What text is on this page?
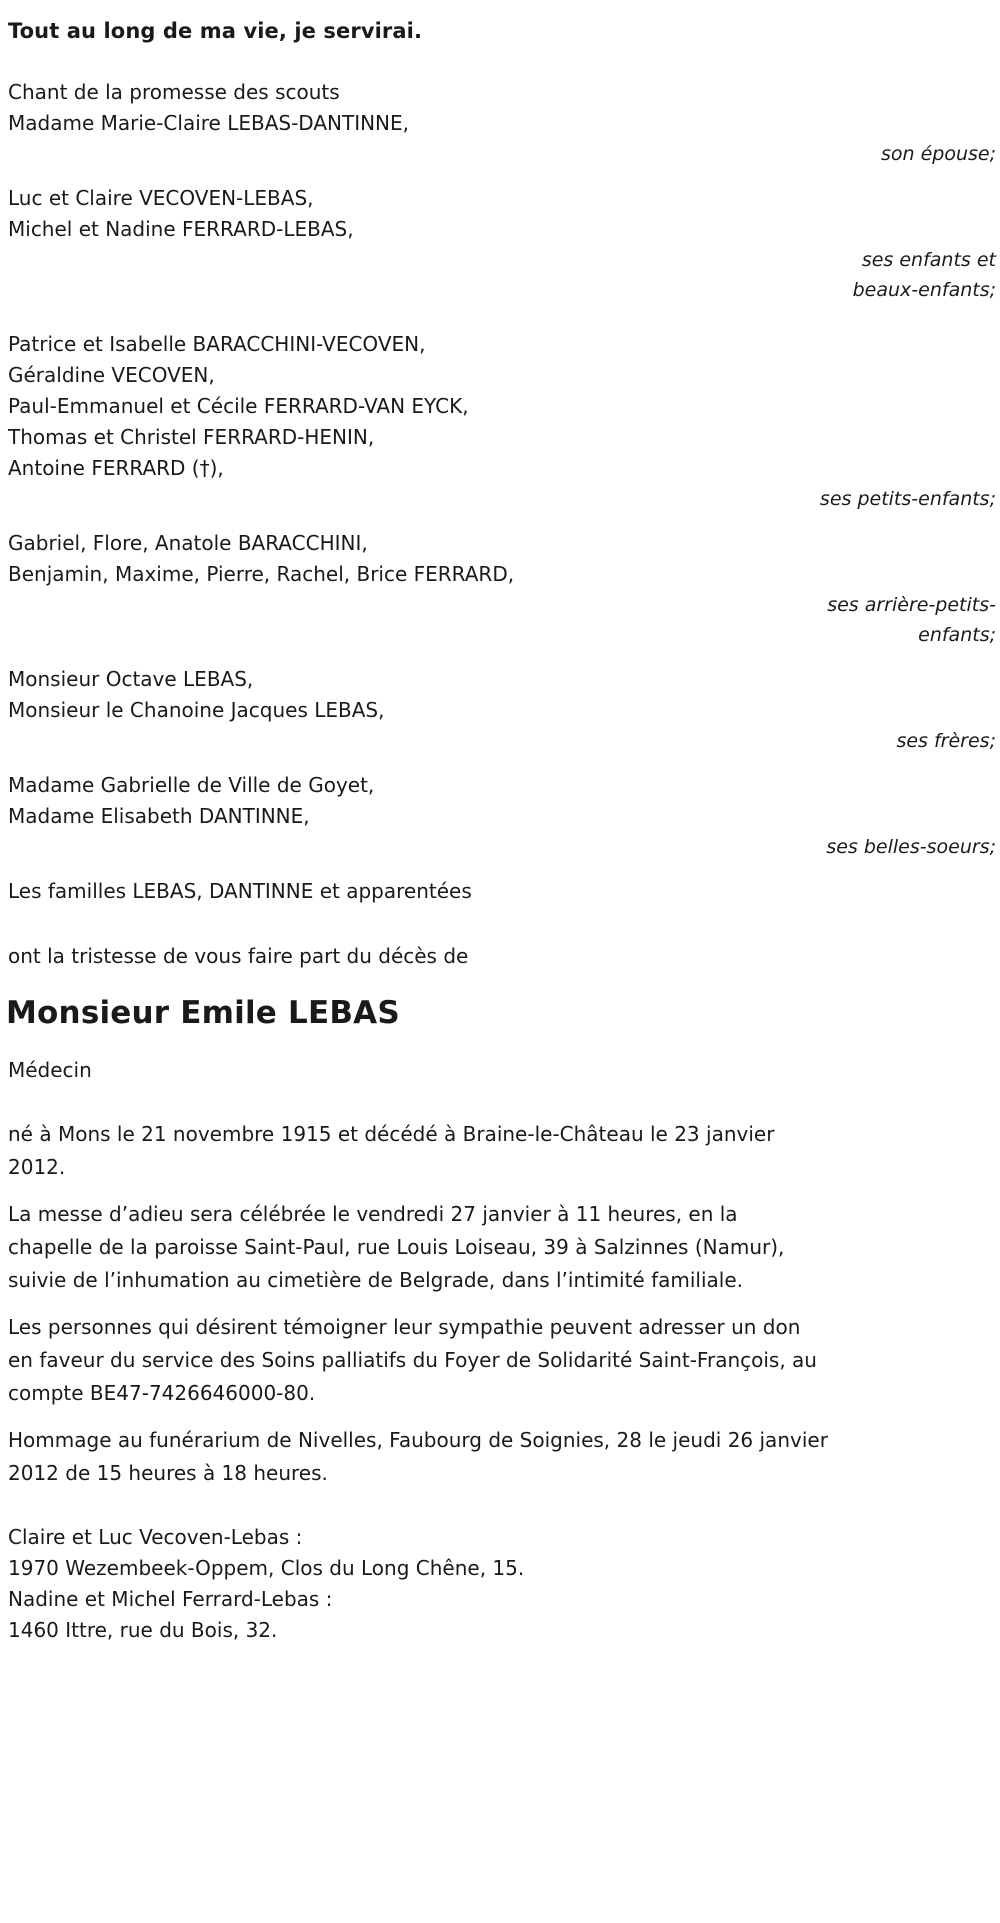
Tout au long de ma vie, je servirai.
Chant de la promesse des scouts
Madame Marie-Claire LEBAS-DANTINNE,
son épouse;
Luc et Claire VECOVEN-LEBAS,
Michel et Nadine FERRARD-LEBAS,
ses enfants et
beaux-enfants;
Patrice et Isabelle BARACCHINI-VECOVEN,
Géraldine VECOVEN,
Paul-Emmanuel et Cécile FERRARD-VAN EYCK,
Thomas et Christel FERRARD-HENIN,
Antoine FERRARD (†),
ses petits-enfants;
Gabriel, Flore, Anatole BARACCHINI,
Benjamin, Maxime, Pierre, Rachel, Brice FERRARD,
ses arrière-petits-
enfants;
Monsieur Octave LEBAS,
Monsieur le Chanoine Jacques LEBAS,
ses frères;
Madame Gabrielle de Ville de Goyet,
Madame Elisabeth DANTINNE,
ses belles-soeurs;
Les familles LEBAS, DANTINNE et apparentées
ont la tristesse de vous faire part du décès de
Monsieur Emile LEBAS
Médecin
né à Mons le 21 novembre 1915 et décédé à Braine-le-Château le 23 janvier 2012.
La messe d’adieu sera célébrée le vendredi 27 janvier à 11 heures, en la chapelle de la paroisse Saint-Paul, rue Louis Loiseau, 39 à Salzinnes (Namur), suivie de l’inhumation au cimetière de Belgrade, dans l’intimité familiale.
Les personnes qui désirent témoigner leur sympathie peuvent adresser un don en faveur du service des Soins palliatifs du Foyer de Solidarité Saint-François, au compte BE47-7426646000-80.
Hommage au funérarium de Nivelles, Faubourg de Soignies, 28 le jeudi 26 janvier 2012 de 15 heures à 18 heures.
Claire et Luc Vecoven-Lebas :
1970 Wezembeek-Oppem, Clos du Long Chêne, 15.
Nadine et Michel Ferrard-Lebas :
1460 Ittre, rue du Bois, 32.
